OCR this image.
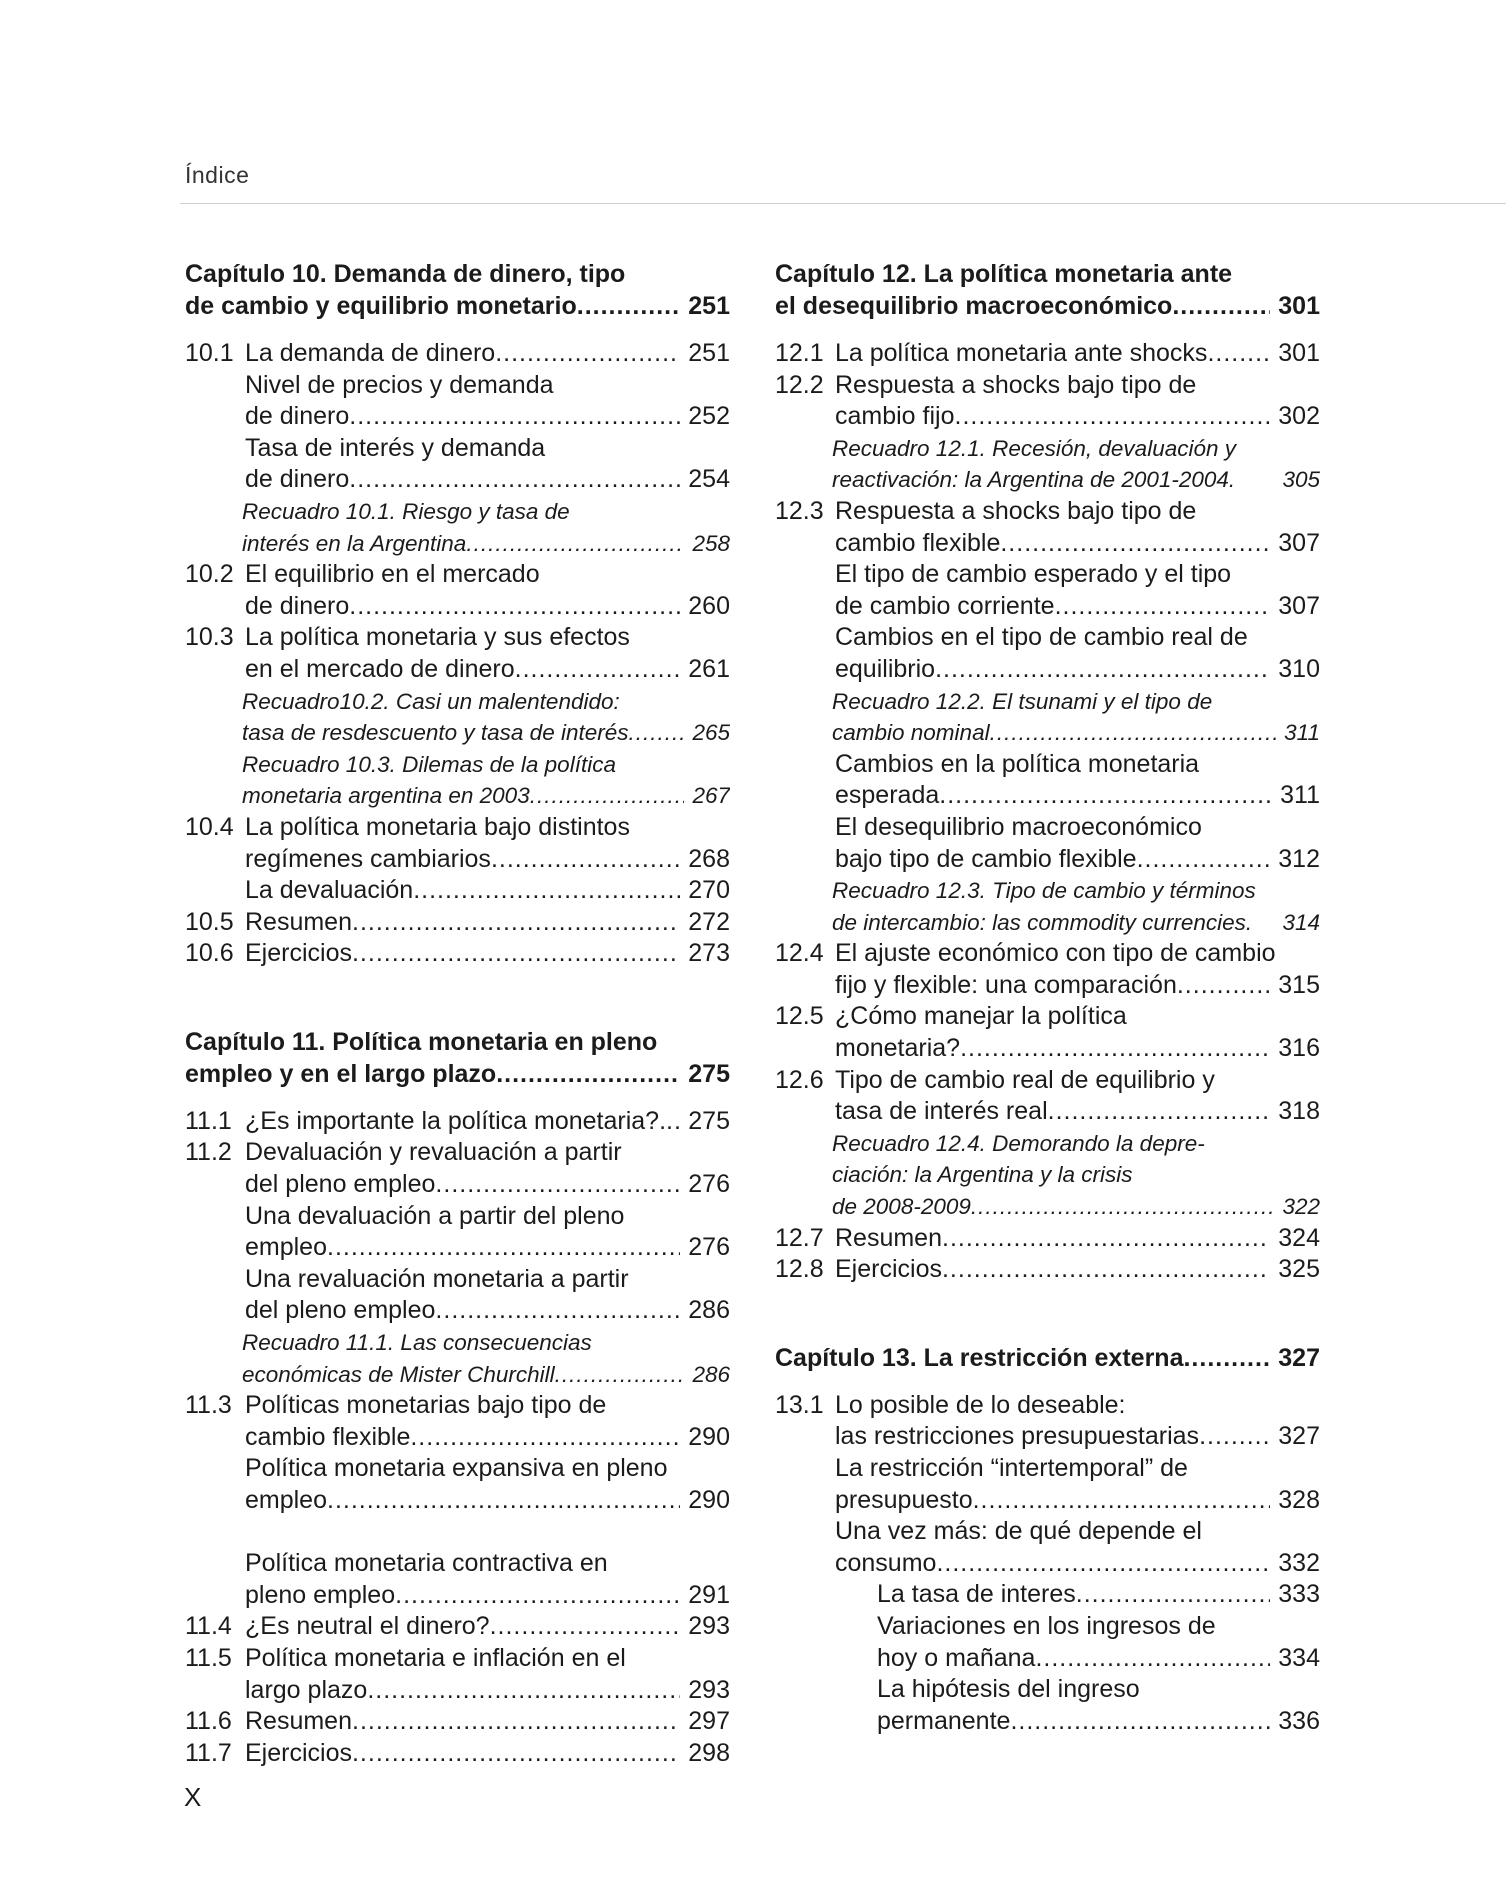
Índice
Capítulo 10. Demanda de dinero, tipo
de cambio y equilibrio monetario .....	251
10.1 La demanda de dinero .....	251
Nivel de precios y demanda
de dinero .....	252
Tasa de interés y demanda
de dinero .....	254
Recuadro 10.1. Riesgo y tasa de
interés en la Argentina .....	258
10.2 El equilibrio en el mercado
de dinero .....	260
10.3 La política monetaria y sus efectos
en el mercado de dinero .....	261
Recuadro10.2. Casi un malentendido:
tasa de resdescuento y tasa de interés .....	265
Recuadro 10.3. Dilemas de la política
monetaria argentina en 2003 .....	267
10.4 La política monetaria bajo distintos
regímenes cambiarios .....	268
La devaluación .....	270
10.5 Resumen .....	272
10.6 Ejercicios .....	273
Capítulo 11. Política monetaria en pleno
empleo y en el largo plazo .....	275
11.1 ¿Es importante la política monetaria?. ..... 275
11.2 Devaluación y revaluación a partir
del pleno empleo .....	276
Una devaluación a partir del pleno
empleo .....	276
Una revaluación monetaria a partir
del pleno empleo .....	286
Recuadro 11.1. Las consecuencias
económicas de Mister Churchill .....	286
11.3 Políticas monetarias bajo tipo de
cambio flexible .....	290
Política monetaria expansiva en pleno
empleo .....	290
Política monetaria contractiva en
pleno empleo .....	291
11.4 ¿Es neutral el dinero? .....	293
11.5 Política monetaria e inflación en el
largo plazo .....	293
11.6 Resumen .....	297
11.7 Ejercicios .....	298
Capítulo 12. La política monetaria ante
el desequilibrio macroeconómico .....	301
12.1 La política monetaria ante shocks .....	301
12.2 Respuesta a shocks bajo tipo de
cambio fijo .....	302
Recuadro 12.1. Recesión, devaluación y
reactivación: la Argentina de 2001-2004. 305
12.3 Respuesta a shocks bajo tipo de
cambio flexible .....	307
El tipo de cambio esperado y el tipo
de cambio corriente .....	307
Cambios en el tipo de cambio real de
equilibrio .....	310
Recuadro 12.2. El tsunami y el tipo de
cambio nominal .....	311
Cambios en la política monetaria
esperada .....	311
El desequilibrio macroeconómico
bajo tipo de cambio flexible .....	312
Recuadro 12.3. Tipo de cambio y términos
de intercambio: las commodity currencies. 314
12.4 El ajuste económico con tipo de cambio
fijo y flexible: una comparación .....	315
12.5 ¿Cómo manejar la política
monetaria? .....	316
12.6 Tipo de cambio real de equilibrio y
tasa de interés real .....	318
Recuadro 12.4. Demorando la depre-
ciación: la Argentina y la crisis
de 2008-2009 .....	322
12.7 Resumen .....	324
12.8 Ejercicios .....	325
Capítulo 13. La restricción externa .....	327
13.1 Lo posible de lo deseable:
las restricciones presupuestarias .....	327
La restricción “intertemporal” de
presupuesto .....	328
Una vez más: de qué depende el
consumo .....	332
La tasa de interes .....	333
Variaciones en los ingresos de
hoy o mañana .....	334
La hipótesis del ingreso
permanente .....	336
X
